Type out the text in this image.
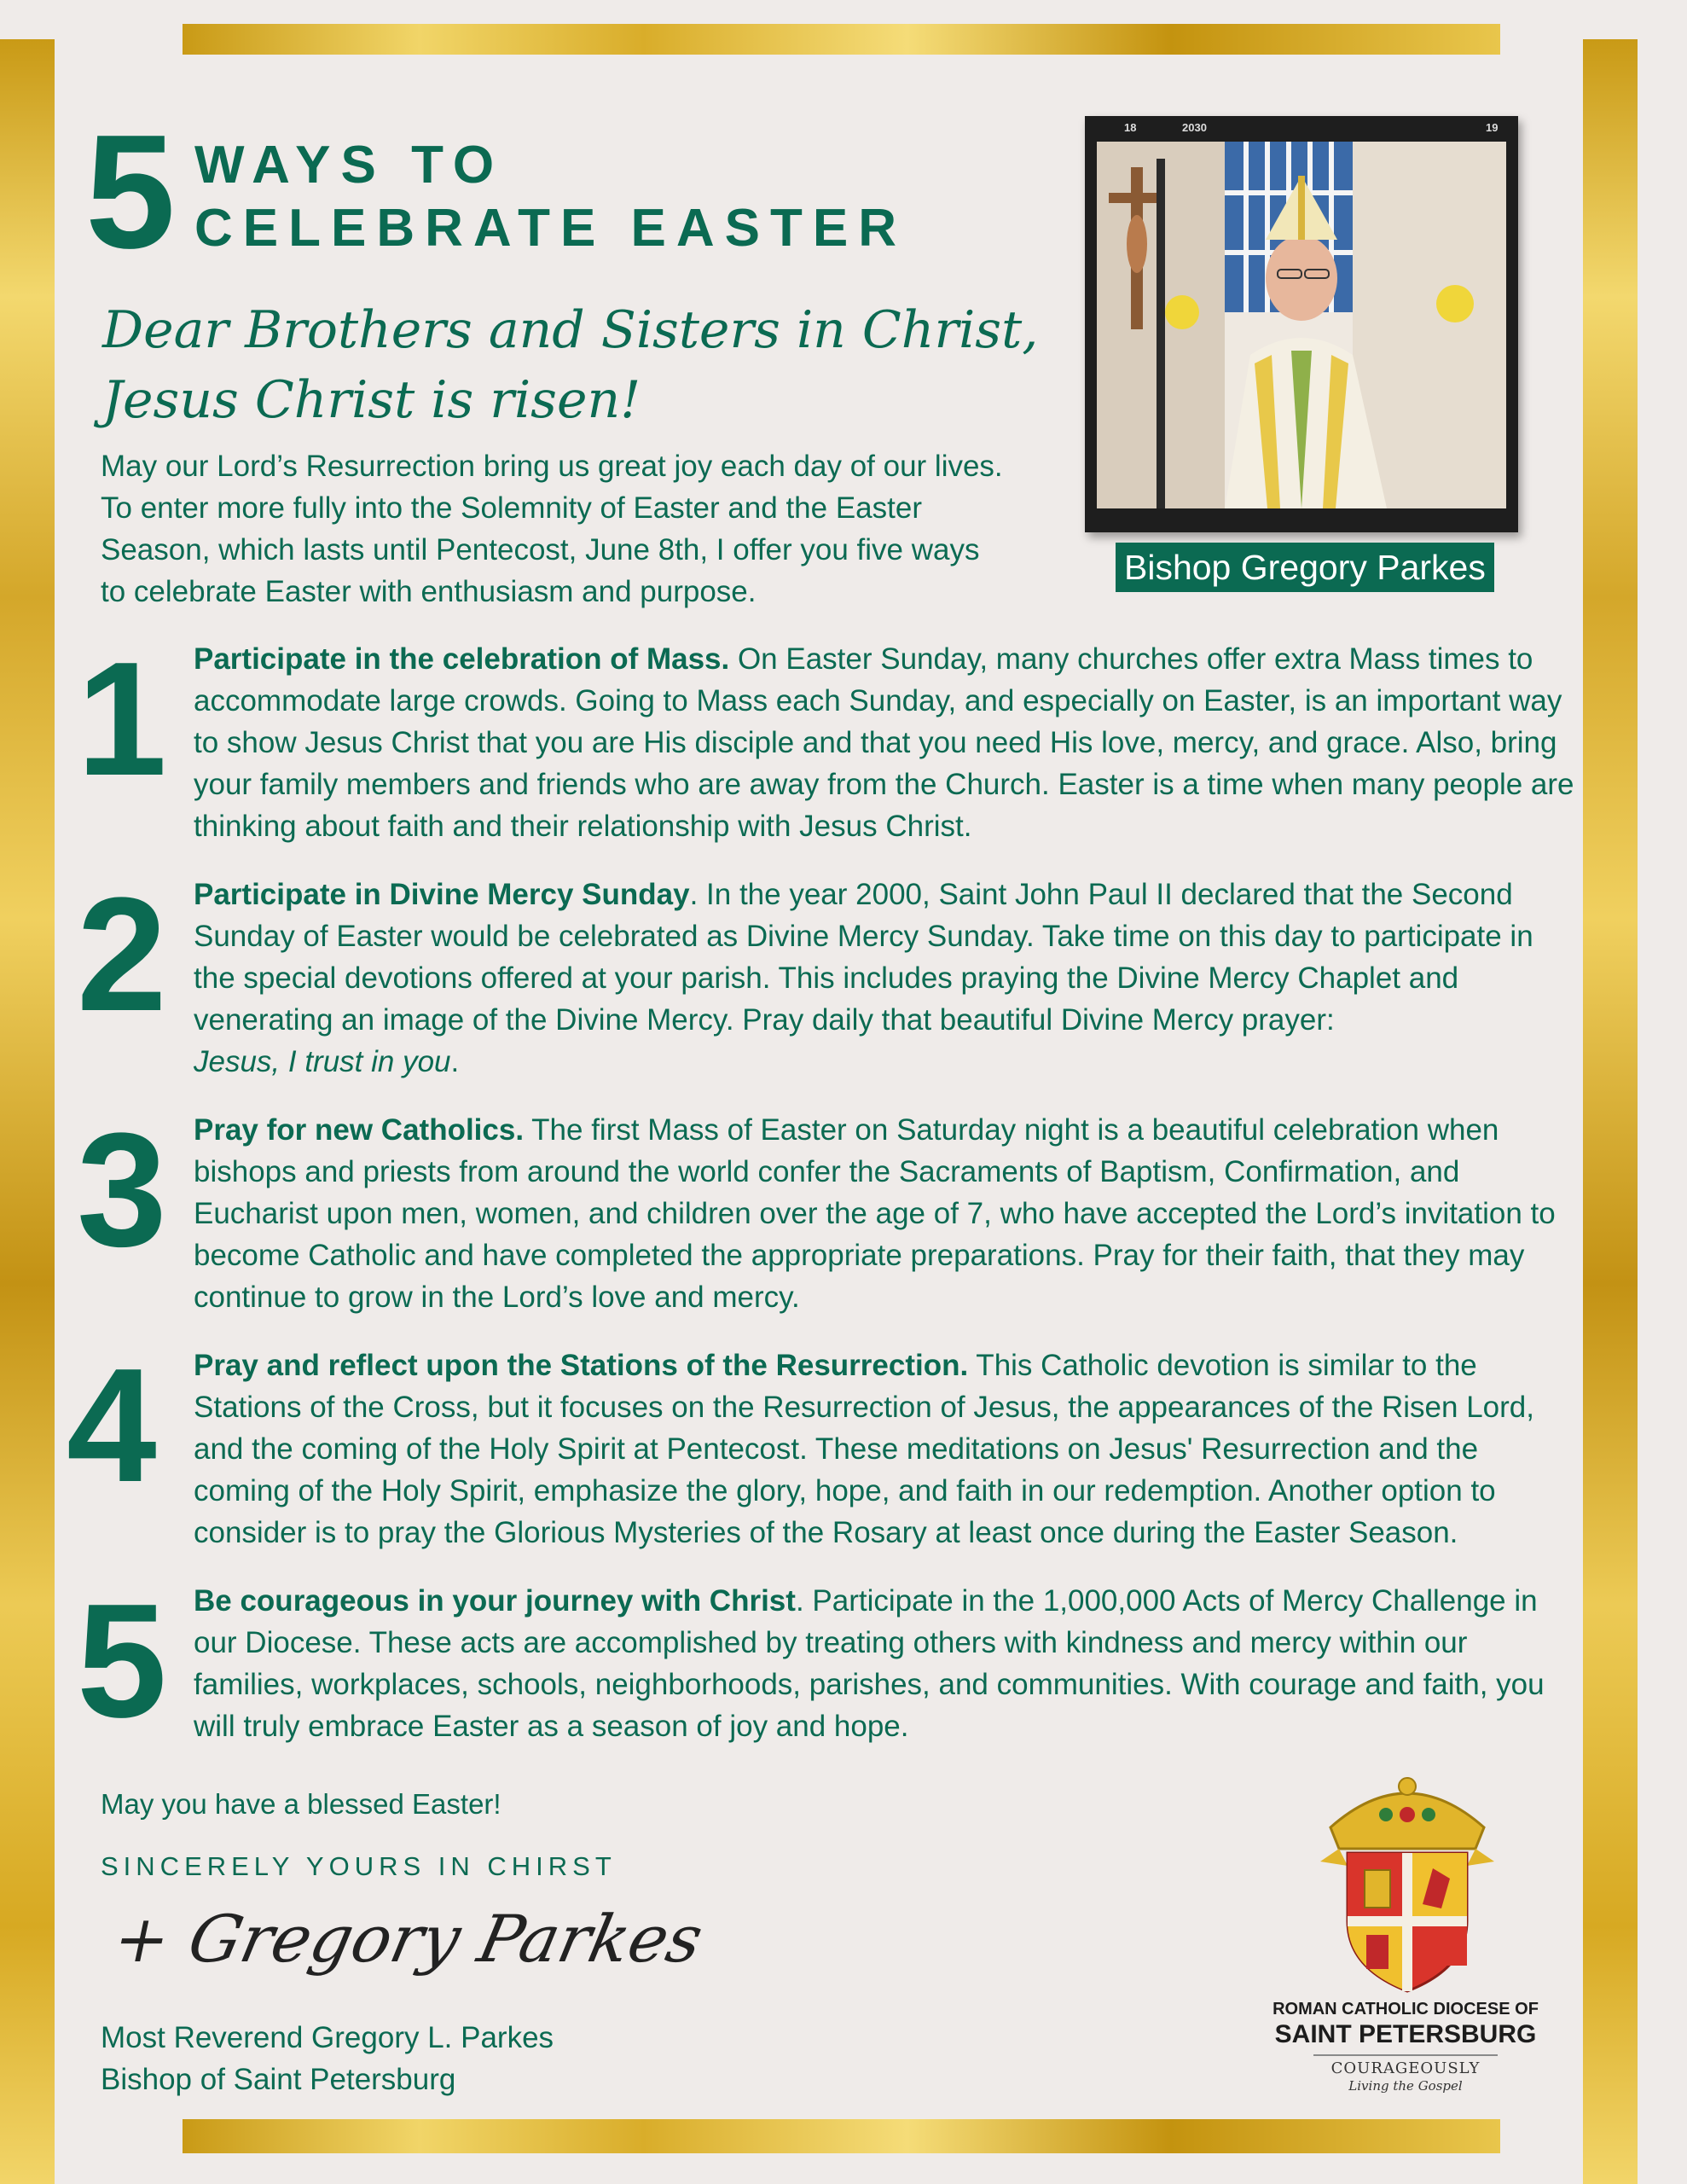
5 WAYS TO
CELEBRATE EASTER
Dear Brothers and Sisters in Christ,
Jesus Christ is risen!
May our Lord’s Resurrection bring us great joy each day of our lives. To enter more fully into the Solemnity of Easter and the Easter Season, which lasts until Pentecost, June 8th, I offer you five ways to celebrate Easter with enthusiasm and purpose.
18	2030	19
Bishop Gregory Parkes
1 Participate in the celebration of Mass. On Easter Sunday, many churches offer extra Mass times to accommodate large crowds. Going to Mass each Sunday, and especially on Easter, is an important way to show Jesus Christ that you are His disciple and that you need His love, mercy, and grace. Also, bring your family members and friends who are away from the Church. Easter is a time when many people are thinking about faith and their relationship with Jesus Christ.
2 Participate in Divine Mercy Sunday. In the year 2000, Saint John Paul II declared that the Second Sunday of Easter would be celebrated as Divine Mercy Sunday. Take time on this day to participate in the special devotions offered at your parish. This includes praying the Divine Mercy Chaplet and venerating an image of the Divine Mercy. Pray daily that beautiful Divine Mercy prayer:
Jesus, I trust in you.
3 Pray for new Catholics. The first Mass of Easter on Saturday night is a beautiful celebration when bishops and priests from around the world confer the Sacraments of Baptism, Confirmation, and Eucharist upon men, women, and children over the age of 7, who have accepted the Lord’s invitation to become Catholic and have completed the appropriate preparations. Pray for their faith, that they may continue to grow in the Lord’s love and mercy.
4 Pray and reflect upon the Stations of the Resurrection. This Catholic devotion is similar to the Stations of the Cross, but it focuses on the Resurrection of Jesus, the appearances of the Risen Lord, and the coming of the Holy Spirit at Pentecost. These meditations on Jesus' Resurrection and the coming of the Holy Spirit, emphasize the glory, hope, and faith in our redemption. Another option to consider is to pray the Glorious Mysteries of the Rosary at least once during the Easter Season.
5 Be courageous in your journey with Christ. Participate in the 1,000,000 Acts of Mercy Challenge in our Diocese. These acts are accomplished by treating others with kindness and mercy within our families, workplaces, schools, neighborhoods, parishes, and communities. With courage and faith, you will truly embrace Easter as a season of joy and hope.
May you have a blessed Easter!
SINCERELY YOURS IN CHIRST
+ Gregory Parkes
Most Reverend Gregory L. Parkes
Bishop of Saint Petersburg
ROMAN CATHOLIC DIOCESE OF
SAINT PETERSBURG
COURAGEOUSLY
Living the Gospel
